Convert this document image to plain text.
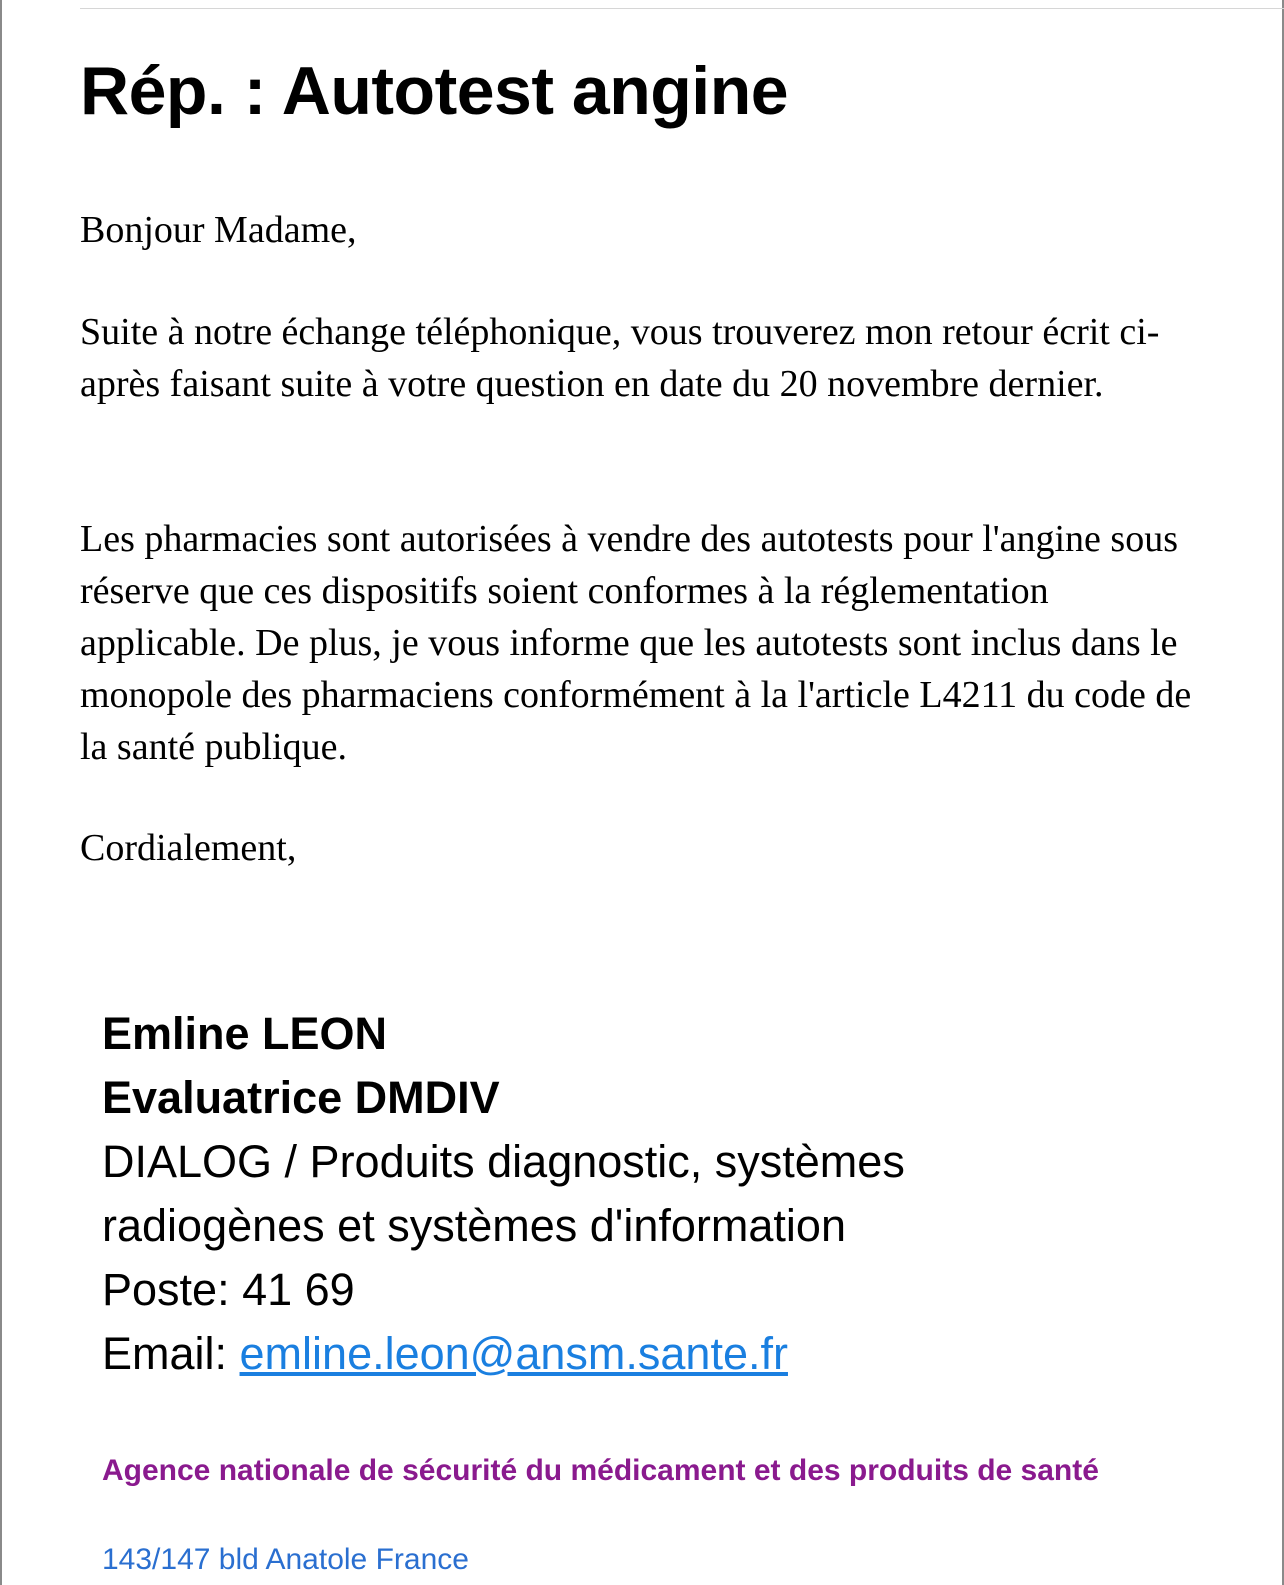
Rép. : Autotest angine

Bonjour Madame,

Suite à notre échange téléphonique, vous trouverez mon retour écrit ci-après faisant suite à votre question en date du 20 novembre dernier.

Les pharmacies sont autorisées à vendre des autotests pour l'angine sous réserve que ces dispositifs soient conformes à la réglementation applicable. De plus, je vous informe que les autotests sont inclus dans le monopole des pharmaciens conformément à la l'article L4211 du code de la santé publique.

Cordialement,

Emline LEON
Evaluatrice DMDIV
DIALOG / Produits diagnostic, systèmes radiogènes et systèmes d'information
Poste: 41 69
Email: emline.leon@ansm.sante.fr
Agence nationale de sécurité du médicament et des produits de santé
143/147 bld Anatole France
